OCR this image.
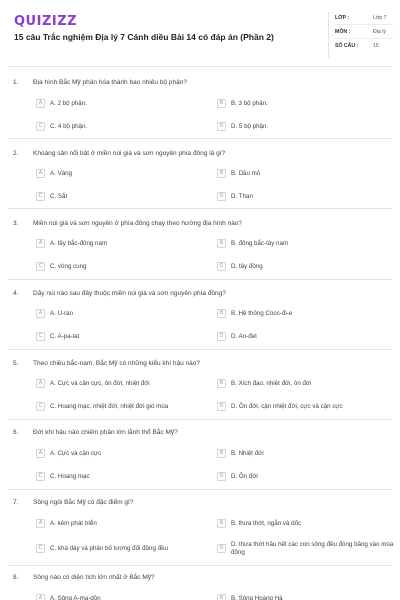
QUIZIZZ
15 câu Trắc nghiệm Địa lý 7 Cánh diều Bài 14 có đáp án (Phần 2)
LỚP :	Lớp 7
MÔN :	Địa lý
SỐ CÂU :	15
1. Địa hình Bắc Mỹ phân hóa thành bao nhiêu bộ phận?
A	A. 2 bộ phận.	B	B. 3 bộ phận.
C	C. 4 bộ phận.	D	D. 5 bộ phận.
2. Khoáng sản nổi bật ở miền núi già và sơn nguyên phía đông là gì?
A	A. Vàng	B	B. Dầu mỏ
C	C. Sắt	D	D. Than
3. Miền núi già và sơn nguyên ở phía đông chạy theo hướng địa hình nào?
A	A. tây bắc-đông nam	B	B. đông bắc-tây nam
C	C. vòng cung	D	D. tây đông
4. Dãy núi nào sau đây thuộc miền núi già và sơn nguyên phía đông?
A	A. U-ran	B	B. Hệ thống Cooc-đi-e
C	C. A-pa-lat	D	D. An-đet
5. Theo chiều bắc-nam, Bắc Mỹ có những kiểu khí hậu nào?
A	A. Cực và cận cực, ôn đới, nhiệt đới	B	B. Xích đạo, nhiệt đới, ôn đới
C	C. Hoang mạc, nhiệt đới, nhiệt đới gió mùa	D	D. Ôn đới, cận nhiệt đới, cực và cận cực
6. Đới khí hậu nào chiếm phần lớn lãnh thổ Bắc Mỹ?
A	A. Cực và cận cực	B	B. Nhiệt đới
C	C. Hoang mạc	D	D. Ôn đới
7. Sông ngòi Bắc Mỹ có đặc điểm gì?
A	A. kém phát triển	B	B. thưa thớt, ngắn và dốc
C	C. khá dày và phân bố tương đối đồng đều	D	D. thưa thớt hầu hết các con sông đều đóng băng vào mùa đông
8. Sông nào có diện tích lớn nhất ở Bắc Mỹ?
A	A. Sông A-ma-dôn	B	B. Sông Hoàng Hà
